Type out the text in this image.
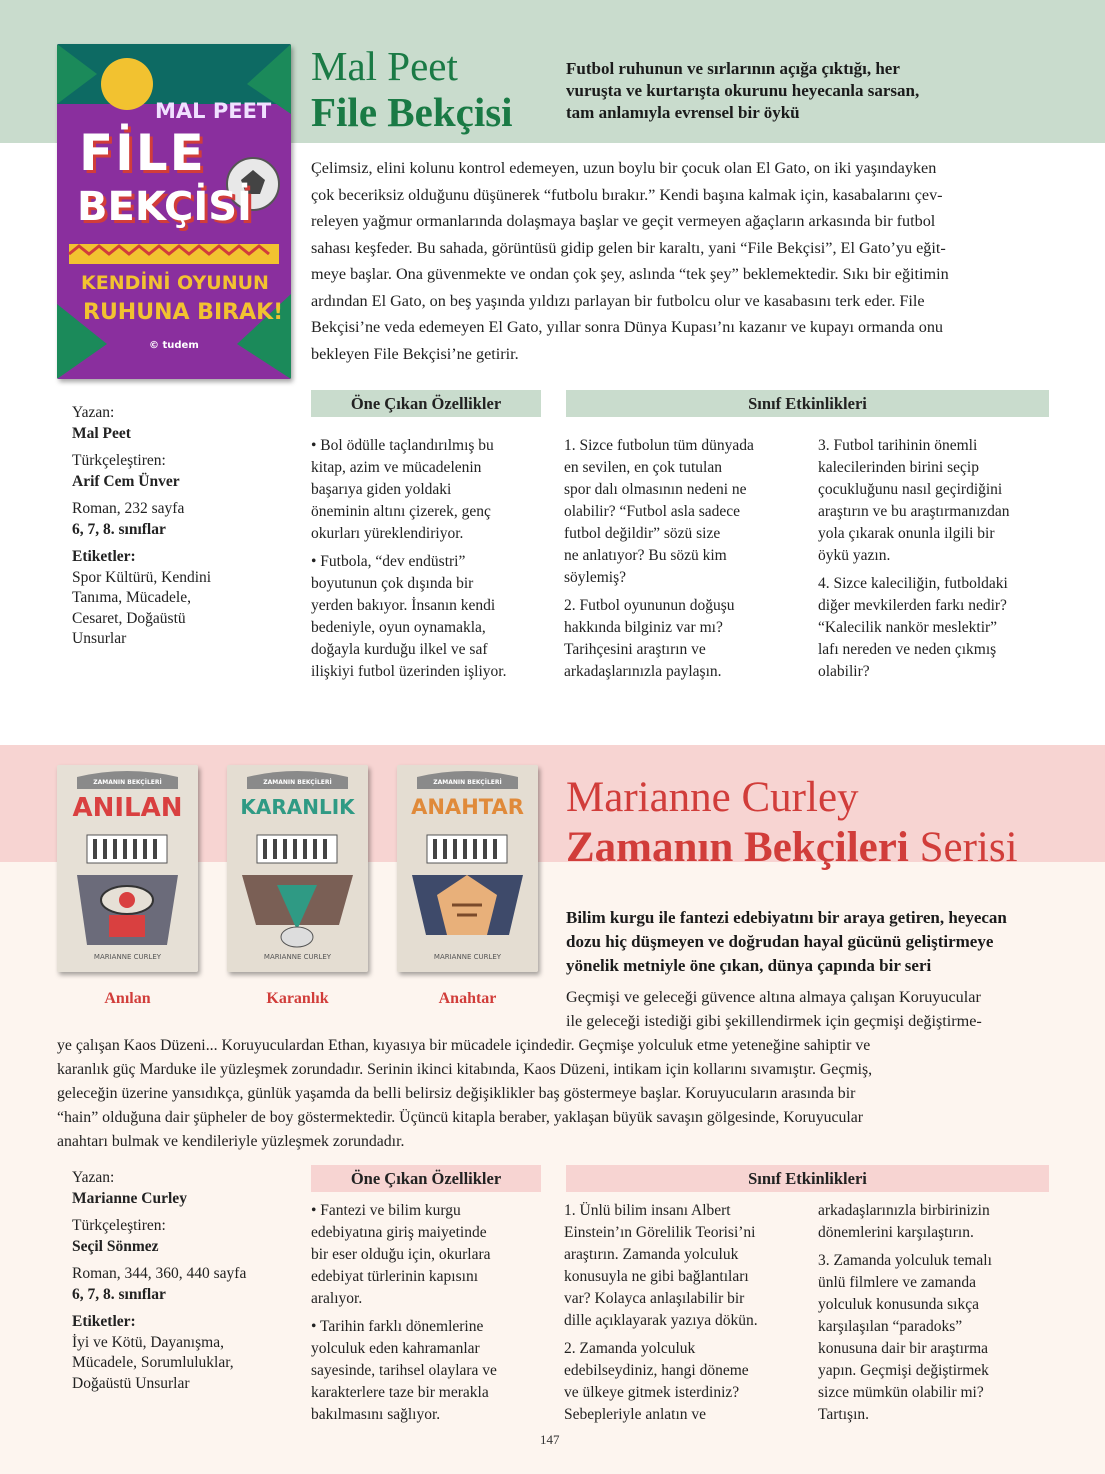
MAL PEET
FİLE
BEKÇİSİ
KENDİNİ OYUNUN
RUHUNA BIRAK!
© tudem
Mal Peet
File Bekçisi
Futbol ruhunun ve sırlarının açığa çıktığı, her
vuruşta ve kurtarışta okurunu heyecanla sarsan,
tam anlamıyla evrensel bir öykü
Çelimsiz, elini kolunu kontrol edemeyen, uzun boylu bir çocuk olan El Gato, on iki yaşındayken
çok beceriksiz olduğunu düşünerek “futbolu bırakır.” Kendi başına kalmak için, kasabalarını çev-
releyen yağmur ormanlarında dolaşmaya başlar ve geçit vermeyen ağaçların arkasında bir futbol
sahası keşfeder. Bu sahada, görüntüsü gidip gelen bir karaltı, yani “File Bekçisi”, El Gato’yu eğit-
meye başlar. Ona güvenmekte ve ondan çok şey, aslında “tek şey” beklemektedir. Sıkı bir eğitimin
ardından El Gato, on beş yaşında yıldızı parlayan bir futbolcu olur ve kasabasını terk eder. File
Bekçisi’ne veda edemeyen El Gato, yıllar sonra Dünya Kupası’nı kazanır ve kupayı ormanda onu
bekleyen File Bekçisi’ne getirir.
Yazan:
Mal Peet
Türkçeleştiren:
Arif Cem Ünver
Roman, 232 sayfa
6, 7, 8. sınıflar
Etiketler:
Spor Kültürü, Kendini
Tanıma, Mücadele,
Cesaret, Doğaüstü
Unsurlar
Öne Çıkan Özellikler	Sınıf Etkinlikleri

• Bol ödülle taçlandırılmış bu
kitap, azim ve mücadelenin
başarıya giden yoldaki
öneminin altını çizerek, genç
okurları yüreklendiriyor.

• Futbola, “dev endüstri”
boyutunun çok dışında bir
yerden bakıyor. İnsanın kendi
bedeniyle, oyun oynamakla,
doğayla kurduğu ilkel ve saf
ilişkiyi futbol üzerinden işliyor.

1. Sizce futbolun tüm dünyada
en sevilen, en çok tutulan
spor dalı olmasının nedeni ne
olabilir? “Futbol asla sadece
futbol değildir” sözü size
ne anlatıyor? Bu sözü kim
söylemiş?

2. Futbol oyununun doğuşu
hakkında bilginiz var mı?
Tarihçesini araştırın ve
arkadaşlarınızla paylaşın.

3. Futbol tarihinin önemli
kalecilerinden birini seçip
çocukluğunu nasıl geçirdiğini
araştırın ve bu araştırmanızdan
yola çıkarak onunla ilgili bir
öykü yazın.

4. Sizce kaleciliğin, futboldaki
diğer mevkilerden farkı nedir?
“Kalecilik nankör meslektir”
lafı nereden ve neden çıkmış
olabilir?

ZAMANIN BEKÇİLERİ
ANILAN
MARIANNE CURLEY
ZAMANIN BEKÇİLERİ
KARANLIK
MARIANNE CURLEY
ZAMANIN BEKÇİLERİ
ANAHTAR
MARIANNE CURLEY
Anılan	Karanlık	Anahtar
Marianne Curley
Zamanın Bekçileri Serisi
Bilim kurgu ile fantezi edebiyatını bir araya getiren, heyecan
dozu hiç düşmeyen ve doğrudan hayal gücünü geliştirmeye
yönelik metniyle öne çıkan, dünya çapında bir seri
Geçmişi ve geleceği güvence altına almaya çalışan Koruyucular
ile geleceği istediği gibi şekillendirmek için geçmişi değiştirme-
ye çalışan Kaos Düzeni... Koruyuculardan Ethan, kıyasıya bir mücadele içindedir. Geçmişe yolculuk etme yeteneğine sahiptir ve
karanlık güç Marduke ile yüzleşmek zorundadır. Serinin ikinci kitabında, Kaos Düzeni, intikam için kollarını sıvamıştır. Geçmiş,
geleceğin üzerine yansıdıkça, günlük yaşamda da belli belirsiz değişiklikler baş göstermeye başlar. Koruyucuların arasında bir
“hain” olduğuna dair şüpheler de boy göstermektedir. Üçüncü kitapla beraber, yaklaşan büyük savaşın gölgesinde, Koruyucular
anahtarı bulmak ve kendileriyle yüzleşmek zorundadır.
Yazan:
Marianne Curley
Türkçeleştiren:
Seçil Sönmez
Roman, 344, 360, 440 sayfa
6, 7, 8. sınıflar
Etiketler:
İyi ve Kötü, Dayanışma,
Mücadele, Sorumluluklar,
Doğaüstü Unsurlar
Öne Çıkan Özellikler	Sınıf Etkinlikleri

• Fantezi ve bilim kurgu
edebiyatına giriş maiyetinde
bir eser olduğu için, okurlara
edebiyat türlerinin kapısını
aralıyor.

• Tarihin farklı dönemlerine
yolculuk eden kahramanlar
sayesinde, tarihsel olaylara ve
karakterlere taze bir merakla
bakılmasını sağlıyor.

1. Ünlü bilim insanı Albert
Einstein’ın Görelilik Teorisi’ni
araştırın. Zamanda yolculuk
konusuyla ne gibi bağlantıları
var? Kolayca anlaşılabilir bir
dille açıklayarak yazıya dökün.

2. Zamanda yolculuk
edebilseydiniz, hangi döneme
ve ülkeye gitmek isterdiniz?
Sebepleriyle anlatın ve

arkadaşlarınızla birbirinizin
dönemlerini karşılaştırın.

3. Zamanda yolculuk temalı
ünlü filmlere ve zamanda
yolculuk konusunda sıkça
karşılaşılan “paradoks”
konusuna dair bir araştırma
yapın. Geçmişi değiştirmek
sizce mümkün olabilir mi?
Tartışın.

147
